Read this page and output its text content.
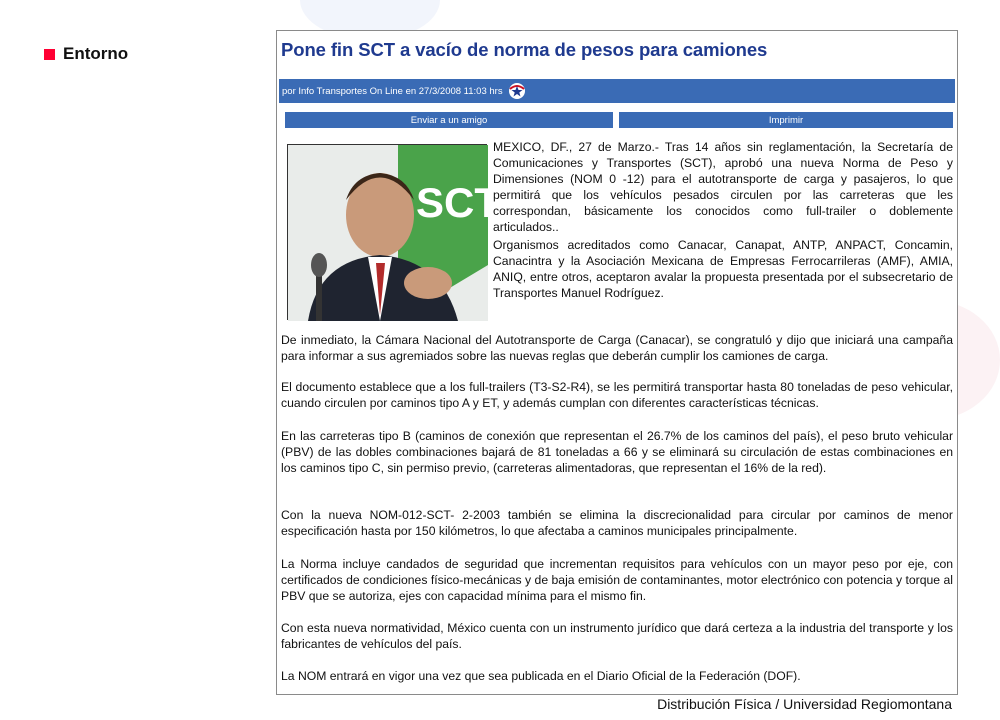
Entorno	Pone fin SCT a vacío de norma de pesos para camiones
por Info Transportes On Line en 27/3/2008 11:03 hrs
Enviar a un amigo	Imprimir
SCT

MEXICO, DF., 27 de Marzo.- Tras 14 años sin reglamentación, la Secretaría de Comunicaciones y Transportes (SCT), aprobó una nueva Norma de Peso y Dimensiones (NOM 0 -12) para el autotransporte de carga y pasajeros, lo que permitirá que los vehículos pesados circulen por las carreteras que les correspondan, básicamente los conocidos como full-trailer o doblemente articulados..

Organismos acreditados como Canacar, Canapat, ANTP, ANPACT, Concamin, Canacintra y la Asociación Mexicana de Empresas Ferrocarrileras (AMF), AMIA, ANIQ, entre otros, aceptaron avalar la propuesta presentada por el subsecretario de Transportes Manuel Rodríguez.

De inmediato, la Cámara Nacional del Autotransporte de Carga (Canacar), se congratuló y dijo que iniciará una campaña para informar a sus agremiados sobre las nuevas reglas que deberán cumplir los camiones de carga.

El documento establece que a los full-trailers (T3-S2-R4), se les permitirá transportar hasta 80 toneladas de peso vehicular, cuando circulen por caminos tipo A y ET, y además cumplan con diferentes características técnicas.

En las carreteras tipo B (caminos de conexión que representan el 26.7% de los caminos del país), el peso bruto vehicular (PBV) de las dobles combinaciones bajará de 81 toneladas a 66 y se eliminará su circulación de estas combinaciones en los caminos tipo C, sin permiso previo, (carreteras alimentadoras, que representan el 16% de la red).

Con la nueva NOM-012-SCT- 2-2003 también se elimina la discrecionalidad para circular por caminos de menor especificación hasta por 150 kilómetros, lo que afectaba a caminos municipales principalmente.

La Norma incluye candados de seguridad que incrementan requisitos para vehículos con un mayor peso por eje, con certificados de condiciones físico-mecánicas y de baja emisión de contaminantes, motor electrónico con potencia y torque al PBV que se autoriza, ejes con capacidad mínima para el mismo fin.

Con esta nueva normatividad, México cuenta con un instrumento jurídico que dará certeza a la industria del transporte y los fabricantes de vehículos del país.

La NOM entrará en vigor una vez que sea publicada en el Diario Oficial de la Federación (DOF).

Distribución Física / Universidad Regiomontana
